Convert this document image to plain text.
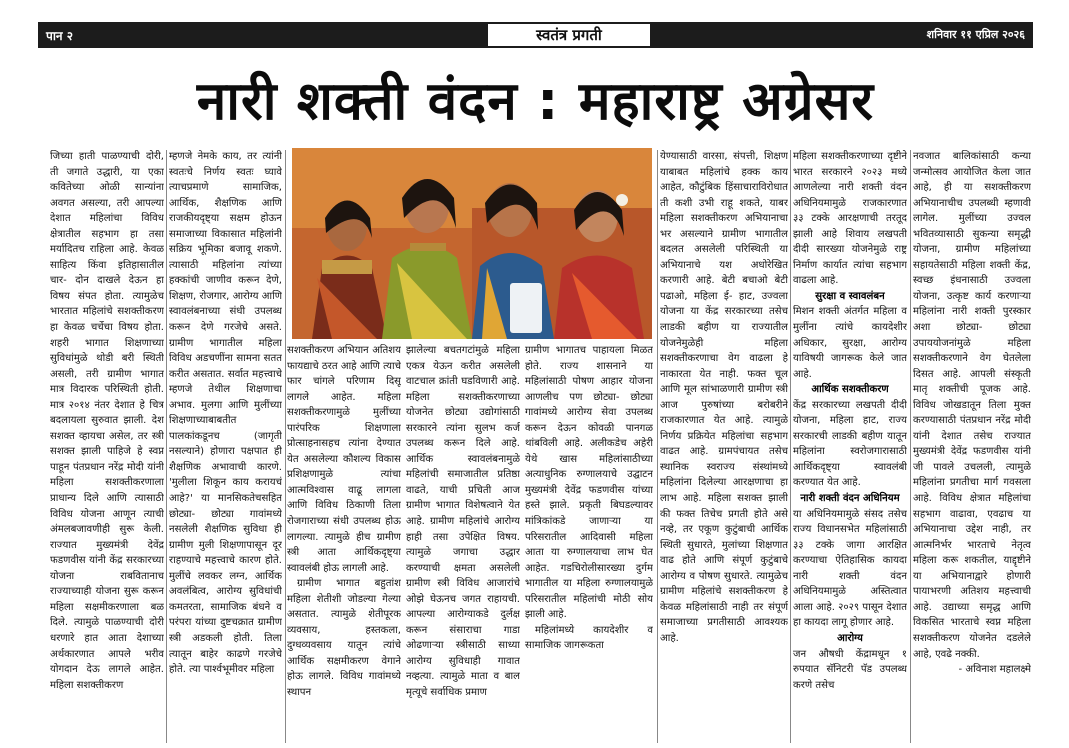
पान २	स्वतंत्र प्रगती	शनिवार ११ एप्रिल २०२६
नारी शक्ती वंदन : महाराष्ट्र अग्रेसर
जिच्या हाती पाळण्याची दोरी, ती जगाते उद्धारी, या एका कवितेच्या ओळी सान्यांना अवगत असल्या, तरी आपल्या देशात महिलांचा विविध क्षेत्रातील सहभाग हा तसा मर्यादितच राहिला आहे. केवळ साहित्य किंवा इतिहासातील चार- दोन दाखले देऊन हा विषय संपत होता. त्यामुळेच भारतात महिलांचे सशक्तीकरण हा केवळ चर्चेचा विषय होता. शहरी भागात शिक्षणाच्या सुविधांमुळे थोडी बरी स्थिती असली, तरी ग्रामीण भागात मात्र विदारक परिस्थिती होती. मात्र २०१४ नंतर देशात हे चित्र बदलायला सुरुवात झाली. देश सशक्त व्हायचा असेल, तर स्त्री सशक्त झाली पाहिजे हे स्वप्न पाहून पंतप्रधान नरेंद्र मोदी यांनी महिला सशक्तीकरणाला प्राधान्य दिले आणि त्यासाठी विविध योजना आणून त्याची अंमलबजावणीही सुरू केली. राज्यात मुख्यमंत्री देवेंद्र फडणवीस यांनी केंद्र सरकारच्या योजना राबवितानाच राज्याच्याही योजना सुरू करून महिला सक्षमीकरणाला बळ दिले. त्यामुळे पाळण्याची दोरी धरणारे हात आता देशाच्या अर्थकारणात आपले भरीव योगदान देऊ लागले आहेत. महिला सशक्तीकरण
म्हणजे नेमके काय, तर त्यांनी स्वतःचे निर्णय स्वतः घ्यावे त्याचप्रमाणे सामाजिक, आर्थिक, शैक्षणिक आणि राजकीयदृष्ट्या सक्षम होऊन समाजाच्या विकासात महिलांनी सक्रिय भूमिका बजावू शकणे. त्यासाठी महिलांना त्यांच्या हक्कांची जाणीव करून देणे, शिक्षण, रोजगार, आरोग्य आणि स्वावलंबनाच्या संधी उपलब्ध करून देणे गरजेचे असते. ग्रामीण भागातील महिला विविध अडचणींना सामना सतत करीत असतात. सर्वात महत्त्वाचे म्हणजे तेथील शिक्षणाचा अभाव. मुलगा आणि मुलींच्या शिक्षणाच्याबाबतीत पालकांकडूनच (जागृती नसल्याने) होणारा पक्षपात ही शैक्षणिक अभावाची कारणे. 'मुलीला शिकून काय करायचं आहे?' या मानसिकतेचसहित छोट्या- छोट्या गावांमध्ये नसलेली शैक्षणिक सुविधा ही ग्रामीण मुली शिक्षणापासून दूर राहण्याचे महत्त्वाचे कारण होते. मुलींचे लवकर लग्न, आर्थिक अवलंबित्व, आरोग्य सुविधांची कमतरता, सामाजिक बंधने व परंपरा यांच्या दुष्टचक्रात ग्रामीण स्त्री अडकली होती. तिला त्यातून बाहेर काढणे गरजेचे होते. त्या पार्श्वभूमीवर महिला
सशक्तीकरण अभियान अतिशय फायद्याचे ठरत आहे आणि त्याचे फार चांगले परिणाम दिसू लागले आहेत. महिला सशक्तीकरणामुळे मुलींच्या पारंपरिक शिक्षणाला प्रोत्साहनासहच त्यांना देण्यात येत असलेल्या कौशल्य विकास प्रशिक्षणामुळे त्यांचा आत्मविश्वास वाढू लागला आणि विविध ठिकाणी तिला रोजगाराच्या संधी उपलब्ध होऊ लागल्या. त्यामुळे हीच ग्रामीण स्त्री आता आर्थिकदृष्ट्या स्वावलंबी होऊ लागली आहे.
ग्रामीण भागात बहुतांश महिला शेतीशी जोडल्या गेल्या असतात. त्यामुळे शेतीपूरक व्यवसाय, हस्तकला, दुग्धव्यवसाय यातून त्यांचे आर्थिक सक्षमीकरण वेगाने होऊ लागले. विविध गावांमध्ये स्थापन
झालेल्या बचतगटांमुळे महिला एकत्र येऊन करीत असलेली वाटचाल क्रांती घडविणारी आहे. महिला सशक्तीकरणाच्या योजनेत छोट्या उद्योगांसाठी सरकारने त्यांना सुलभ कर्ज उपलब्ध करून दिले आहे. आर्थिक स्वावलंबनामुळे महिलांची समाजातील प्रतिष्ठा वाढते, याची प्रचिती आज ग्रामीण भागात विशेषत्वाने येत आहे. ग्रामीण महिलांचे आरोग्य हाही तसा उपेक्षित विषय. त्यामुळे जगाचा उद्धार करण्याची क्षमता असलेली ग्रामीण स्त्री विविध आजारांचे ओझे घेऊनच जगत राहायची. आपल्या आरोग्याकडे दुर्लक्ष करून संसाराचा गाडा ओढणाऱ्या स्त्रीसाठी साध्या आरोग्य सुविधाही गावात नव्हत्या. त्यामुळे माता व बाल मृत्यूचे सर्वाधिक प्रमाण
ग्रामीण भागातच पाहायला मिळत होते. राज्य शासनाने या महिलांसाठी पोषण आहार योजना आणलीच पण छोट्या- छोट्या गावांमध्ये आरोग्य सेवा उपलब्ध करून देऊन कोवळी पानगळ थांबविली आहे. अलीकडेच अहेरी येथे खास महिलांसाठीच्या अत्याधुनिक रुग्णालयाचे उद्घाटन मुख्यमंत्री देवेंद्र फडणवीस यांच्या हस्ते झाले. प्रकृती बिघडल्यावर मांत्रिकांकडे जाणाऱ्या या परिसरातील आदिवासी महिला आता या रुग्णालयाचा लाभ घेत आहेत. गडचिरोलीसारख्या दुर्गम भागातील या महिला रुग्णालयामुळे परिसरातील महिलांची मोठी सोय झाली आहे.
महिलांमध्ये कायदेशीर व सामाजिक जागरूकता
येण्यासाठी वारसा, संपत्ती, शिक्षण याबाबत महिलांचे हक्क काय आहेत, कौटुंबिक हिंसाचाराविरोधात ती कशी उभी राहू शकते, याबर महिला सशक्तीकरण अभियानाचा भर असल्याने ग्रामीण भागातील बदलत असलेली परिस्थिती या अभियानाचे यश अधोरेखित करणारी आहे. बेटी बचाओ बेटी पढाओ, महिला ई- हाट, उज्वला योजना या केंद्र सरकारच्या तसेच लाडकी बहीण या राज्यातील योजनेमुळेही महिला सशक्तीकरणाचा वेग वाढला हे नाकारता येत नाही. फक्त चूल आणि मूल सांभाळणारी ग्रामीण स्त्री आज पुरुषांच्या बरोबरीने राजकारणात येत आहे. त्यामुळे निर्णय प्रक्रियेत महिलांचा सहभाग वाढत आहे. ग्रामपंचायत तसेच स्थानिक स्वराज्य संस्थांमध्ये महिलांना दिलेल्या आरक्षणाचा हा लाभ आहे. महिला सशक्त झाली की फक्त तिचेच प्रगती होते असे नव्हे, तर एकूण कुटुंबाची आर्थिक स्थिती सुधारते, मुलांच्या शिक्षणात वाढ होते आणि संपूर्ण कुटुंबाचे आरोग्य व पोषण सुधारते. त्यामुळेच ग्रामीण महिलांचे सशक्तीकरण हे केवळ महिलांसाठी नाही तर संपूर्ण समाजाच्या प्रगतीसाठी आवश्यक आहे.
महिला सशक्तीकरणाच्या दृष्टीने भारत सरकारने २०२३ मध्ये आणलेल्या नारी शक्ती वंदन अधिनियमामुळे राजकारणात ३३ टक्के आरक्षणाची तरतूद झाली आहे शिवाय लखपती दीदी सारख्या योजनेमुळे राष्ट्र निर्माण कार्यात त्यांचा सहभाग वाढला आहे.
सुरक्षा व स्वावलंबन
मिशन शक्ती अंतर्गत महिला व मुलींना त्यांचे कायदेशीर अधिकार, सुरक्षा, आरोग्य याविषयी जागरूक केले जात आहे.
आर्थिक सशक्तीकरण
केंद्र सरकारच्या लखपती दीदी योजना, महिला हाट, राज्य सरकारची लाडकी बहीण यातून महिलांना स्वरोजगारासाठी आर्थिकदृष्ट्या स्वावलंबी करण्यात येत आहे.
नारी शक्ती वंदन अधिनियम
या अधिनियमामुळे संसद तसेच राज्य विधानसभेत महिलांसाठी ३३ टक्के जागा आरक्षित करण्याचा ऐतिहासिक कायदा नारी शक्ती वंदन अधिनियमामुळे अस्तित्वात आला आहे. २०२९ पासून देशात हा कायदा लागू होणार आहे.
आरोग्य
जन औषधी केंद्रामधून १ रुपयात सॅनिटरी पॅड उपलब्ध करणे तसेच
नवजात बालिकांसाठी कन्या जन्मोत्सव आयोजित केला जात आहे, ही या सशक्तीकरण अभियानाचीच उपलब्धी म्हणावी लागेल. मुलींच्या उज्वल भवितव्यासाठी सुकन्या समृद्धी योजना, ग्रामीण महिलांच्या सहायतेसाठी महिला शक्ती केंद्र, स्वच्छ इंधनासाठी उज्वला योजना, उत्कृष्ट कार्य करणाऱ्या महिलांना नारी शक्ती पुरस्कार अशा छोट्या- छोट्या उपाययोजनांमुळे महिला सशक्तीकरणाने वेग घेतलेला दिसत आहे. आपली संस्कृती मातृ शक्तीची पूजक आहे. विविध जोखडातून तिला मुक्त करण्यासाठी पंतप्रधान नरेंद्र मोदी यांनी देशात तसेच राज्यात मुख्यमंत्री देवेंद्र फडणवीस यांनी जी पावले उचलली, त्यामुळे महिलांना प्रगतीचा मार्ग गवसला आहे. विविध क्षेत्रात महिलांचा सहभाग वाढावा, एवढाच या अभियानाचा उद्देश नाही, तर आत्मनिर्भर भारताचे नेतृत्व महिला करू शकतील, याद्दृष्टीने या अभियानाद्वारे होणारी पायाभरणी अतिशय महत्त्वाची आहे. उद्याच्या समृद्ध आणि विकसित भारताचे स्वप्न महिला सशक्तीकरण योजनेत दडलेले आहे, एवढे नक्की.
- अविनाश महालक्ष्मे
